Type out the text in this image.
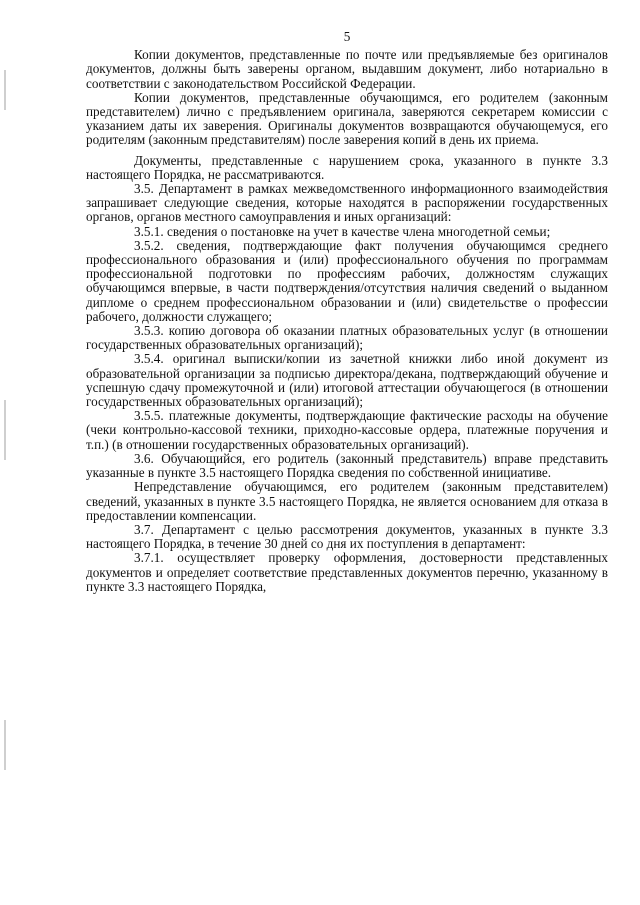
5

Копии документов, представленные по почте или предъявляемые без оригиналов документов, должны быть заверены органом, выдавшим документ, либо нотариально в соответствии с законодательством Российской Федерации.

Копии документов, представленные обучающимся, его родителем (законным представителем) лично с предъявлением оригинала, заверяются секретарем комиссии с указанием даты их заверения. Оригиналы документов возвращаются обучающемуся, его родителям (законным представителям) после заверения копий в день их приема.

Документы, представленные с нарушением срока, указанного в пункте 3.3 настоящего Порядка, не рассматриваются.

3.5. Департамент в рамках межведомственного информационного взаимодействия запрашивает следующие сведения, которые находятся в распоряжении государственных органов, органов местного самоуправления и иных организаций:

3.5.1. сведения о постановке на учет в качестве члена многодетной семьи;

3.5.2. сведения, подтверждающие факт получения обучающимся среднего профессионального образования и (или) профессионального обучения по программам профессиональной подготовки по профессиям рабочих, должностям служащих обучающимся впервые, в части подтверждения/отсутствия наличия сведений о выданном дипломе о среднем профессиональном образовании и (или) свидетельстве о профессии рабочего, должности служащего;

3.5.3. копию договора об оказании платных образовательных услуг (в отношении государственных образовательных организаций);

3.5.4. оригинал выписки/копии из зачетной книжки либо иной документ из образовательной организации за подписью директора/декана, подтверждающий обучение и успешную сдачу промежуточной и (или) итоговой аттестации обучающегося (в отношении государственных образовательных организаций);

3.5.5. платежные документы, подтверждающие фактические расходы на обучение (чеки контрольно-кассовой техники, приходно-кассовые ордера, платежные поручения и т.п.) (в отношении государственных образовательных организаций).

3.6. Обучающийся, его родитель (законный представитель) вправе представить указанные в пункте 3.5 настоящего Порядка сведения по собственной инициативе.

Непредставление обучающимся, его родителем (законным представителем) сведений, указанных в пункте 3.5 настоящего Порядка, не является основанием для отказа в предоставлении компенсации.

3.7. Департамент с целью рассмотрения документов, указанных в пункте 3.3 настоящего Порядка, в течение 30 дней со дня их поступления в департамент:

3.7.1. осуществляет проверку оформления, достоверности представленных документов и определяет соответствие представленных документов перечню, указанному в пункте 3.3 настоящего Порядка,
